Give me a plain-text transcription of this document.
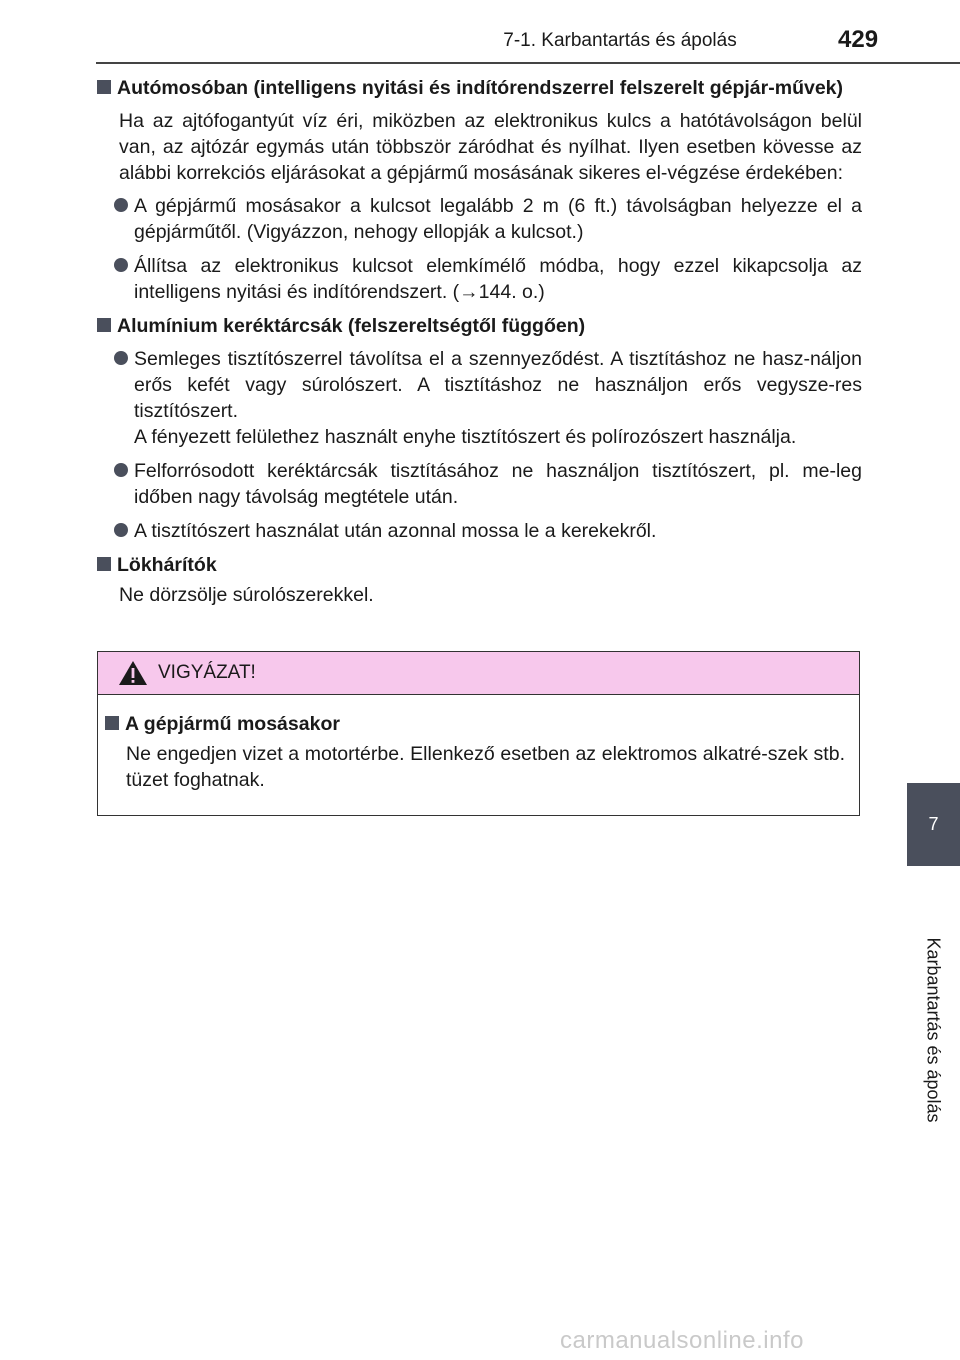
7-1. Karbantartás és ápolás	429
7
Karbantartás és ápolás
Autómosóban (intelligens nyitási és indítórendszerrel felszerelt gépjár-művek)
Ha az ajtófogantyút víz éri, miközben az elektronikus kulcs a hatótávolságon belül van, az ajtózár egymás után többször záródhat és nyílhat. Ilyen esetben kövesse az alábbi korrekciós eljárásokat a gépjármű mosásának sikeres el-végzése érdekében:
A gépjármű mosásakor a kulcsot legalább 2 m (6 ft.) távolságban helyezze el a gépjárműtől. (Vigyázzon, nehogy ellopják a kulcsot.)
Állítsa az elektronikus kulcsot elemkímélő módba, hogy ezzel kikapcsolja az intelligens nyitási és indítórendszert. (→144. o.)
Alumínium keréktárcsák (felszereltségtől függően)
Semleges tisztítószerrel távolítsa el a szennyeződést. A tisztításhoz ne hasz-náljon erős kefét vagy súrolószert. A tisztításhoz ne használjon erős vegysze-res tisztítószert.
A fényezett felülethez használt enyhe tisztítószert és polírozószert használja.
Felforrósodott keréktárcsák tisztításához ne használjon tisztítószert, pl. me-leg időben nagy távolság megtétele után.
A tisztítószert használat után azonnal mossa le a kerekekről.
Lökhárítók
Ne dörzsölje súrolószerekkel.
VIGYÁZAT!
A gépjármű mosásakor
Ne engedjen vizet a motortérbe. Ellenkező esetben az elektromos alkatré-szek stb. tüzet foghatnak.
carmanualsonline.info
